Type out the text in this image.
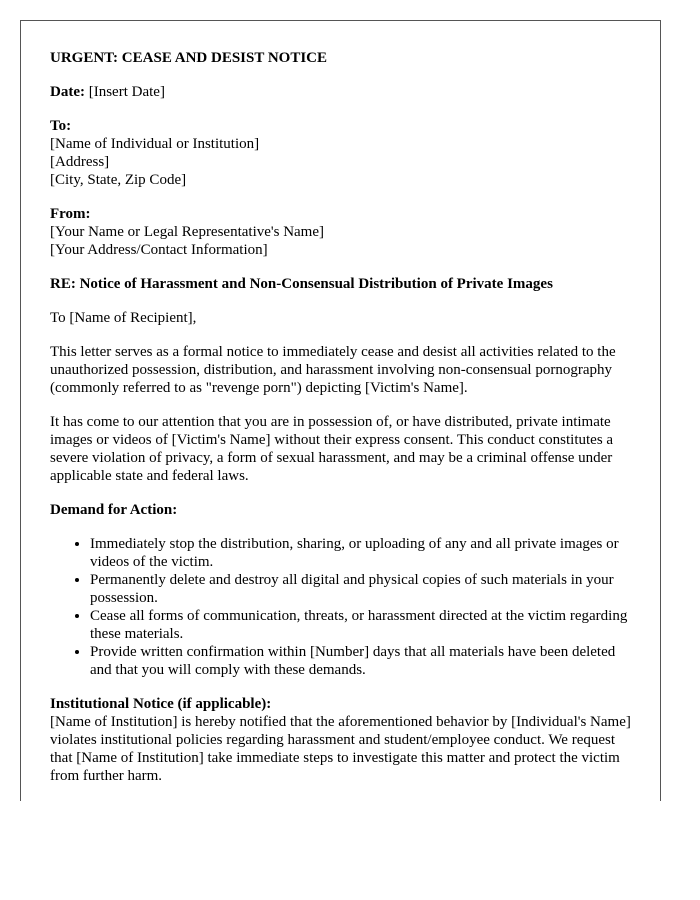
URGENT: CEASE AND DESIST NOTICE

Date: [Insert Date]

To:
[Name of Individual or Institution]
[Address]
[City, State, Zip Code]

From:
[Your Name or Legal Representative's Name]
[Your Address/Contact Information]

RE: Notice of Harassment and Non-Consensual Distribution of Private Images

To [Name of Recipient],

This letter serves as a formal notice to immediately cease and desist all activities related to the unauthorized possession, distribution, and harassment involving non-consensual pornography (commonly referred to as "revenge porn") depicting [Victim's Name].

It has come to our attention that you are in possession of, or have distributed, private intimate images or videos of [Victim's Name] without their express consent. This conduct constitutes a severe violation of privacy, a form of sexual harassment, and may be a criminal offense under applicable state and federal laws.

Demand for Action:

• Immediately stop the distribution, sharing, or uploading of any and all private images or videos of the victim.
• Permanently delete and destroy all digital and physical copies of such materials in your possession.
• Cease all forms of communication, threats, or harassment directed at the victim regarding these materials.
• Provide written confirmation within [Number] days that all materials have been deleted and that you will comply with these demands.

Institutional Notice (if applicable):
[Name of Institution] is hereby notified that the aforementioned behavior by [Individual's Name] violates institutional policies regarding harassment and student/employee conduct. We request that [Name of Institution] take immediate steps to investigate this matter and protect the victim from further harm.
